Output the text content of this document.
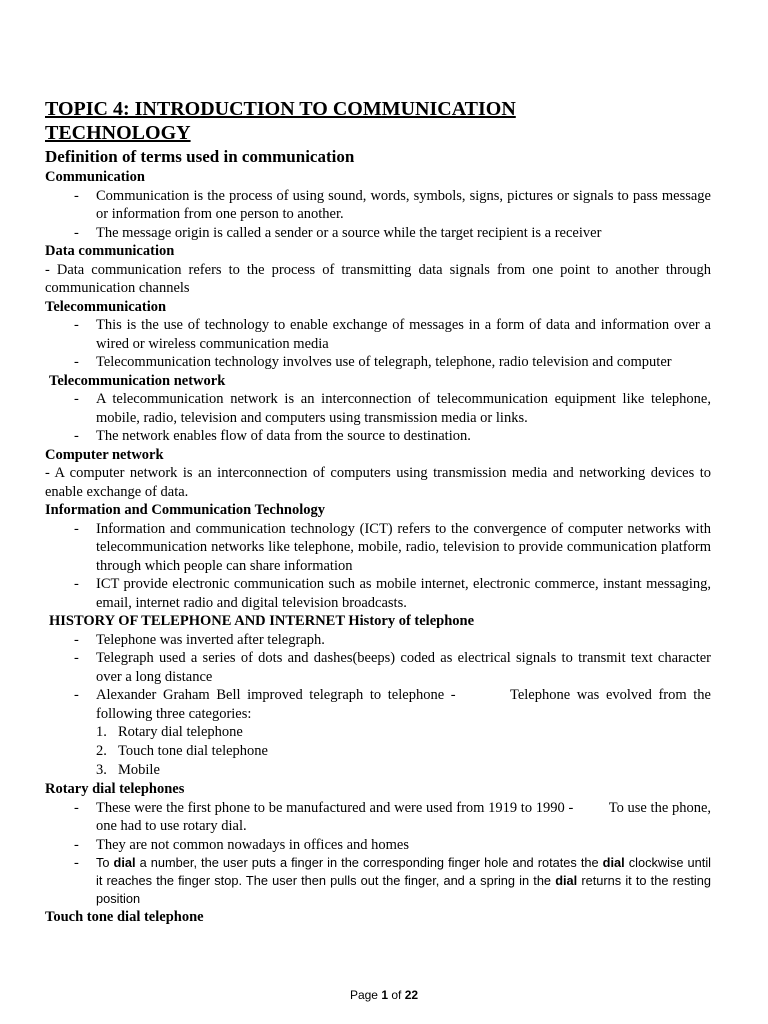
TOPIC 4: INTRODUCTION TO COMMUNICATION
TECHNOLOGY
Definition of terms used in communication
Communication
- Communication is the process of using sound, words, symbols, signs, pictures or signals to pass message or information from one person to another.
- The message origin is called a sender or a source while the target recipient is a receiver
Data communication

- Data communication refers to the process of transmitting data signals from one point to another through communication channels

Telecommunication
- This is the use of technology to enable exchange of messages in a form of data and information over a wired or wireless communication media
- Telecommunication technology involves use of telegraph, telephone, radio television and computer
Telecommunication network
- A telecommunication network is an interconnection of telecommunication equipment like telephone, mobile, radio, television and computers using transmission media or links.
- The network enables flow of data from the source to destination.
Computer network

- A computer network is an interconnection of computers using transmission media and networking devices to enable exchange of data.

Information and Communication Technology
- Information and communication technology (ICT) refers to the convergence of computer networks with telecommunication networks like telephone, mobile, radio, television to provide communication platform through which people can share information
- ICT provide electronic communication such as mobile internet, electronic commerce, instant messaging, email, internet radio and digital television broadcasts.
HISTORY OF TELEPHONE AND INTERNET History of telephone
- Telephone was inverted after telegraph.
- Telegraph used a series of dots and dashes(beeps) coded as electrical signals to transmit text character over a long distance
- Alexander Graham Bell improved telegraph to telephone -	Telephone was evolved from the following three categories:
1. Rotary dial telephone
2. Touch tone dial telephone
3. Mobile
Rotary dial telephones
- These were the first phone to be manufactured and were used from 1919 to 1990 - To use the phone, one had to use rotary dial.
- They are not common nowadays in offices and homes
- To dial a number, the user puts a finger in the corresponding finger hole and rotates the dial clockwise until it reaches the finger stop. The user then pulls out the finger, and a spring in the dial returns it to the resting position
Touch tone dial telephone
Page 1 of 22
